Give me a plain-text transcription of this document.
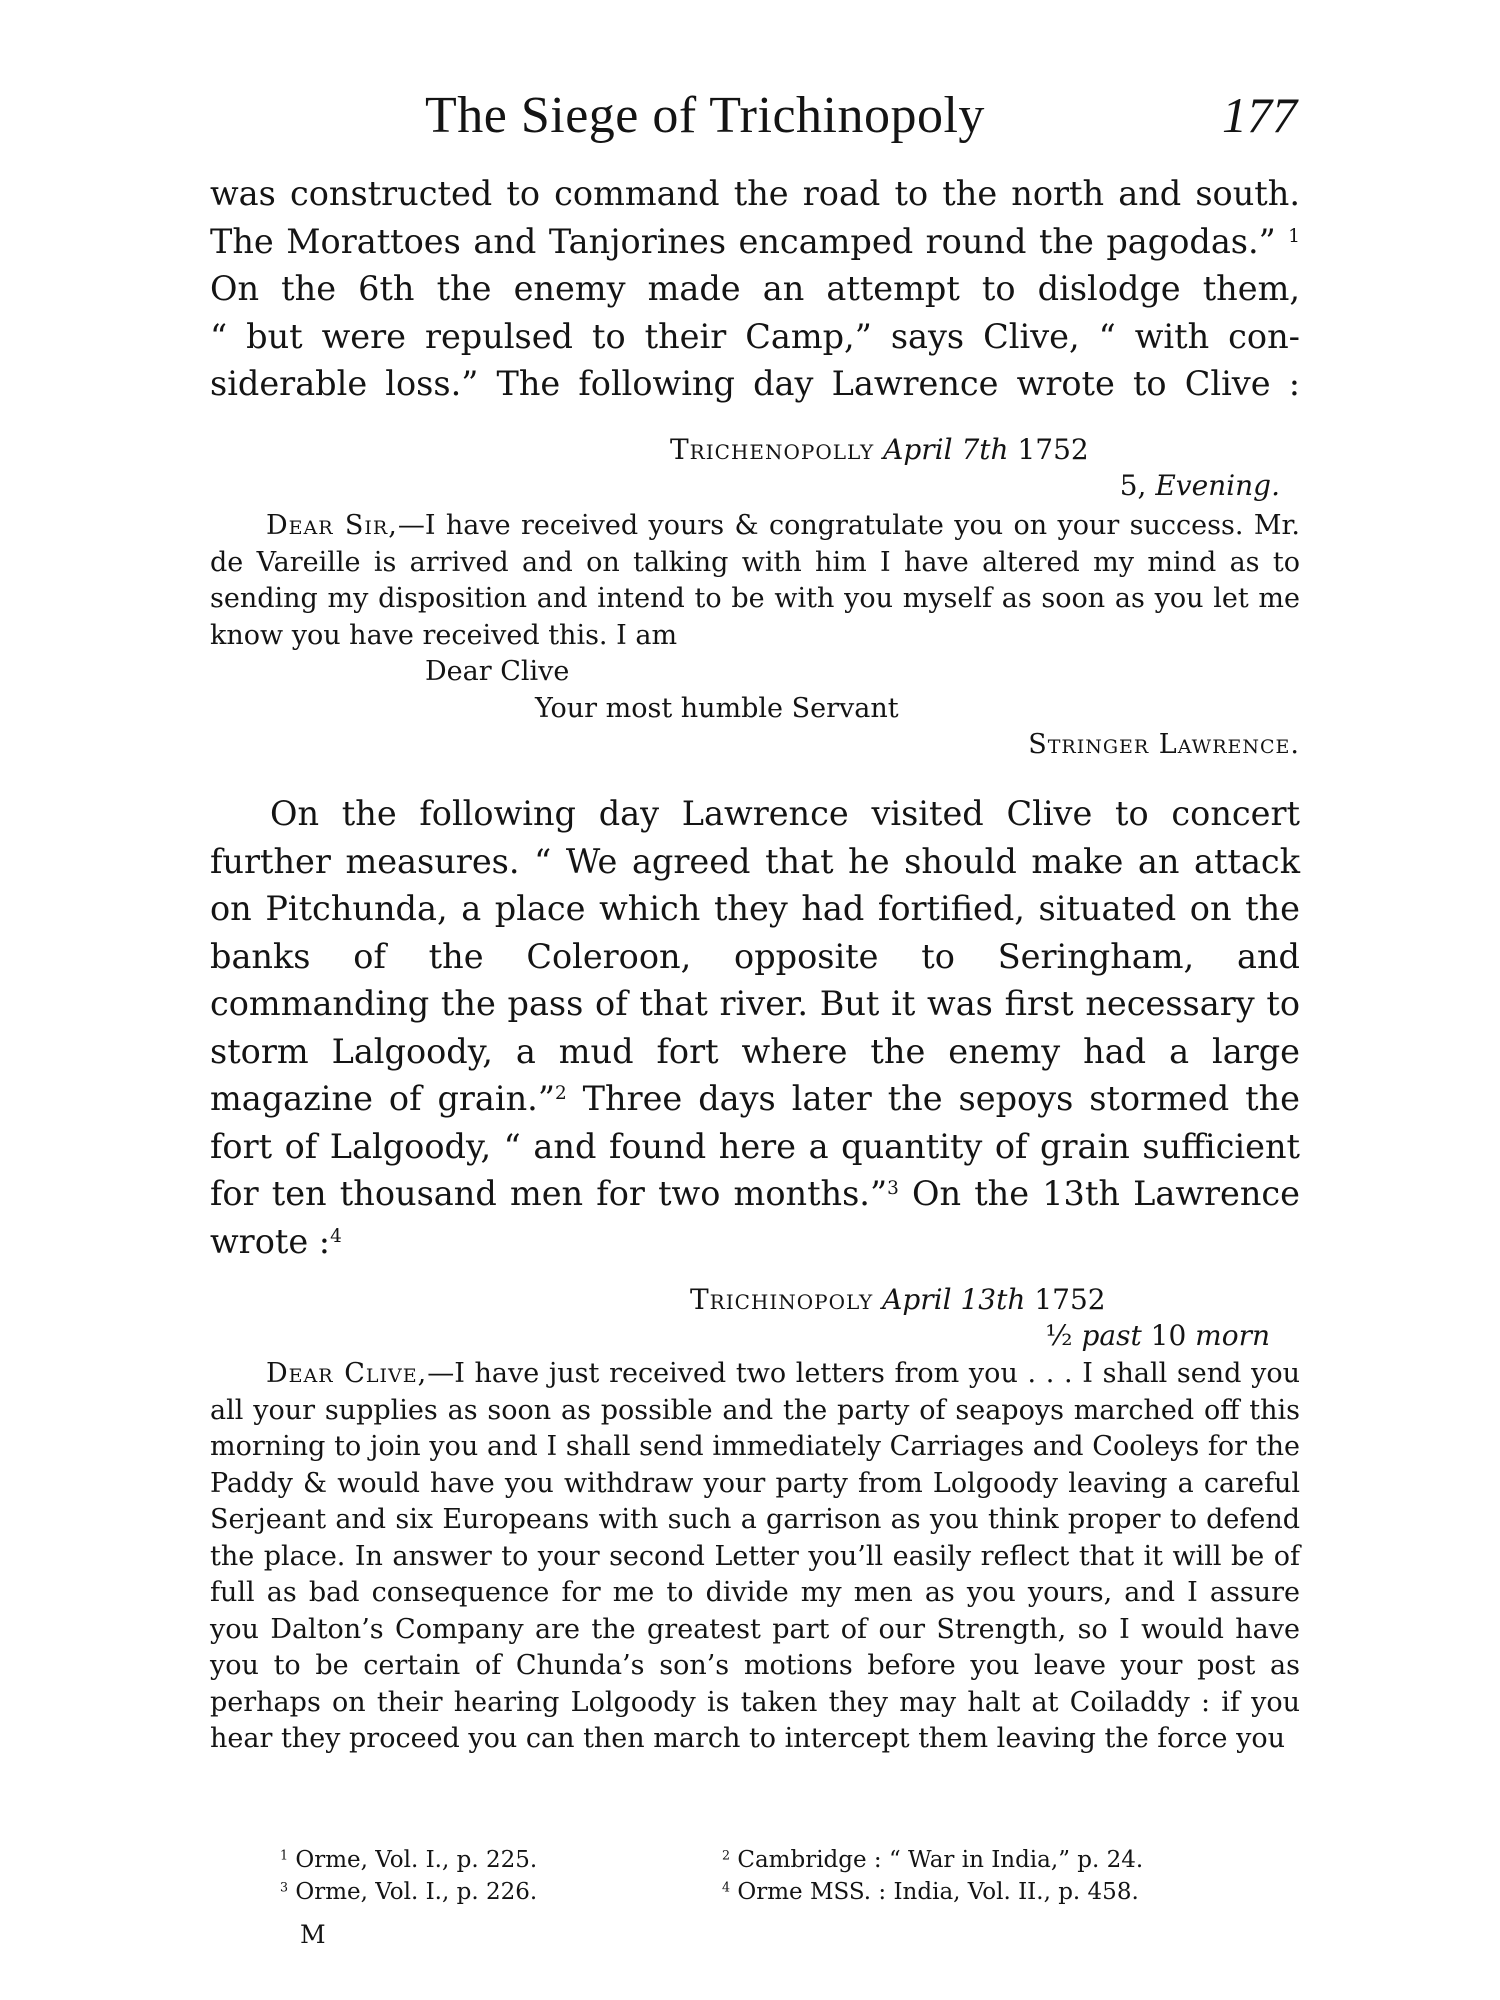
The Siege of Trichinopoly	177
was constructed to command the road to the north and south.
The Morattoes and Tanjorines encamped round the pagodas.” $^1$
On the 6th the enemy made an attempt to dislodge them,
“ but were repulsed to their Camp,” says Clive, “ with con-
siderable loss.” The following day Lawrence wrote to Clive :
Trichenopolly April 7th 1752
5, Evening.
Dear Sir,—I have received yours & congratulate you on your success. Mr. de Vareille is arrived and on talking with him I have altered my mind as to sending my disposition and intend to be with you myself as soon as you let me know you have received this. I am
Dear Clive
Your most humble Servant
Stringer Lawrence.

On the following day Lawrence visited Clive to concert further measures. “ We agreed that he should make an attack on Pitchunda, a place which they had fortified, situated on the banks of the Coleroon, opposite to Seringham, and commanding the pass of that river. But it was first necessary to storm Lalgoody, a mud fort where the enemy had a large magazine of grain.”$^2$ Three days later the sepoys stormed the fort of Lalgoody, “ and found here a quantity of grain sufficient for ten thousand men for two months.”$^3$ On the 13th Lawrence wrote :$^4$

Trichinopoly April 13th 1752
½ past 10 morn
Dear Clive,—I have just received two letters from you . . . I shall send you all your supplies as soon as possible and the party of seapoys marched off this morning to join you and I shall send immediately Carriages and Cooleys for the Paddy & would have you withdraw your party from Lolgoody leaving a careful Serjeant and six Europeans with such a garrison as you think proper to defend the place. In answer to your second Letter you’ll easily reflect that it will be of full as bad consequence for me to divide my men as you yours, and I assure you Dalton’s Company are the greatest part of our Strength, so I would have you to be certain of Chunda’s son’s motions before you leave your post as perhaps on their hearing Lolgoody is taken they may halt at Coiladdy : if you hear they proceed you can then march to intercept them leaving the force you
$^1$ Orme, Vol. I., p. 225.	$^2$ Cambridge : “ War in India,” p. 24.
$^3$ Orme, Vol. I., p. 226.	$^4$ Orme MSS. : India, Vol. II., p. 458.
M
